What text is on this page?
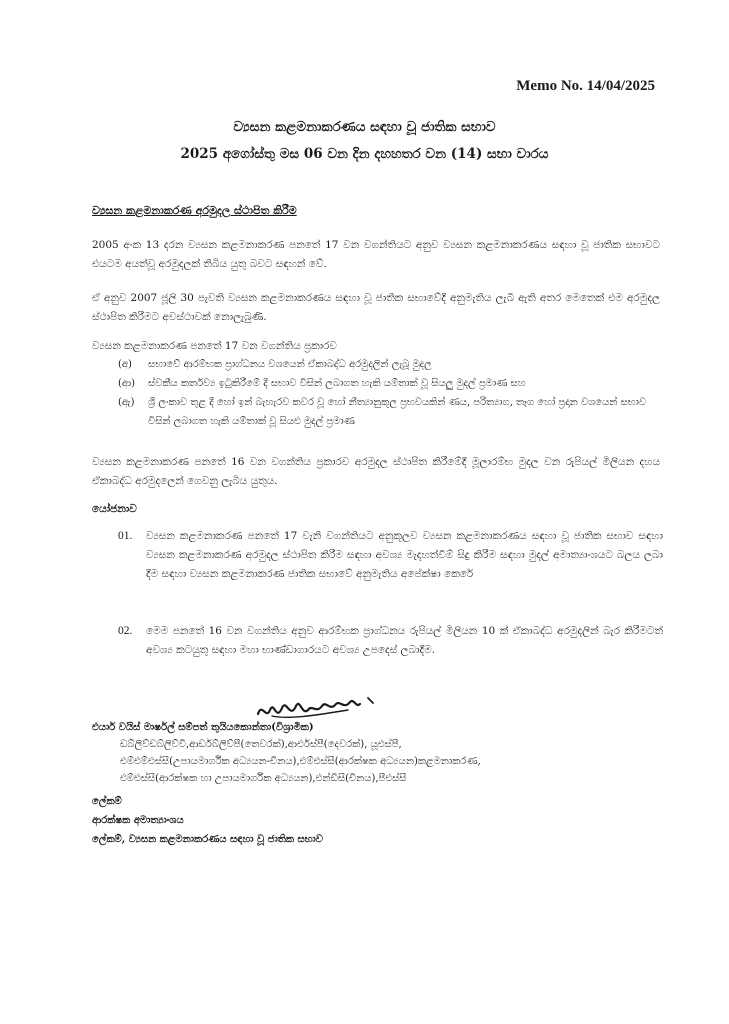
Memo No. 14/04/2025
ව්‍යසන කළමනාකරණය සඳහා වූ ජාතික සභාව
2025 අගෝස්තු මස 06 වන දින දහහතර වන (14) සභා වාරය
ව්‍යසන කළමනාකරණ අරමුදල ස්ථාපිත කිරීම
2005 අංක 13 දරන ව්‍යසන කළමනාකරණ පනතේ 17 වන වගන්තියට අනුව ව්‍යසන කළමනාකරණය සඳහා වූ ජාතික සභාවට එයටම අයත්වූ අරමුදලක් තිබිය යුතු බවට සඳහන් වේ.
ඒ අනුව 2007 ජූලි 30 පැවති ව්‍යසන කළමනාකරණය සඳහා වූ ජාතික සභාවේදී අනුමැතිය ලැබී ඇති අතර මෙතෙක් එම අරමුදල ස්ථාපිත කිරීමට අවස්ථාවක් නොලැබුණි.
ව්‍යසන කළමනාකරණ පනතේ 17 වන වගන්තිය ප්‍රකාරව
(අ)	සභාවේ ආරම්භක ප්‍රාග්ධනය වශයෙන් ඒකාබද්ධ අරමුදලින් ලැබූ මුදල
(ආ)	ස්වකීය කර්තව්‍ය ඉටුකිරීමේ දී සභාව විසින් ලබාගත හැකි යම්තාක් වූ සියලු මුදල් ප්‍රමාණ සහ
(ඇ)	ශ්‍රී ලංකාව තුළ දී හෝ ඉන් බැහැරව කවර වූ හෝ නීත්‍යානුකූල ප්‍රභවයකින් ණය, පරිත්‍යාග, තෑග හෝ ප්‍රදාන වශයෙන් සභාව විසින් ලබාගත හැකි යම්තාක් වූ සියළු මුදල් ප්‍රමාණ
ව්‍යසන කළමනාකරණ පනතේ 16 වන වගන්තිය ප්‍රකාරව අරමුදල ස්ථාපිත කිරීමේදී මූලාරම්භ මුදල වන රුපියල් මිලියන දහය ඒකාබද්ධ අරමුදලෙන් ගෙවනු ලැබිය යුතුය.
යෝජනාව
01.	ව්‍යසන කළමනාකරණ පනතේ 17 වැනි වගන්තියට අනුකූලව ව්‍යසන කළමනාකරණය සඳහා වූ ජාතික සභාව සඳහා ව්‍යසන කළමනාකරණ අරමුදල ස්ථාපිත කිරීම සඳහා අවශ්‍ය මැදහත්වීම් සිදු කිරීම සඳහා මුදල් අමාත්‍යාංශයට බලය ලබා දීම සඳහා ව්‍යසන කළමනාකරණ ජාතික සභාවේ අනුමැතිය අපේක්ෂා කෙරේ
02.	මෙම පනතේ 16 වන වගන්තිය අනුව ආරම්භක ප්‍රාග්ධනය රුපියල් මිලියන 10 ක් ඒකාබද්ධ අරමුදලින් බැර කිරීමටත් අවශ්‍ය කටයුතු සඳහා මහා භාණ්ඩාගාරයට අවශ්‍ය උපදෙස් ලබාදීම.
එයාර් වයිස් මාර්ෂල් සම්පත් තුයියකොන්තා(විශ්‍රාමික)
ඩබ්ලිව්ඩබ්ලිව්වී,ආර්ඩබ්ලිව්පී(තෙවරක්),ආර්එස්පී(දෙවරක්), යූඑස්පී,
එම්එම්එස්සී(උපායමාර්ගික අධ්‍යයන-චීනය),එම්එස්සී(ආරක්ෂක අධ්‍යයන)කළමනාකරණ,
එම්එස්සී(ආරක්ෂක හා උපායමාර්ගික අධ්‍යයන),එන්ඩීසී(චීනය),පීඑස්සී
ලේකම්
ආරක්ෂක අමාත්‍යාංශය
ලේකම්, ව්‍යසන කළමනාකරණය සඳහා වූ ජාතික සභාව
